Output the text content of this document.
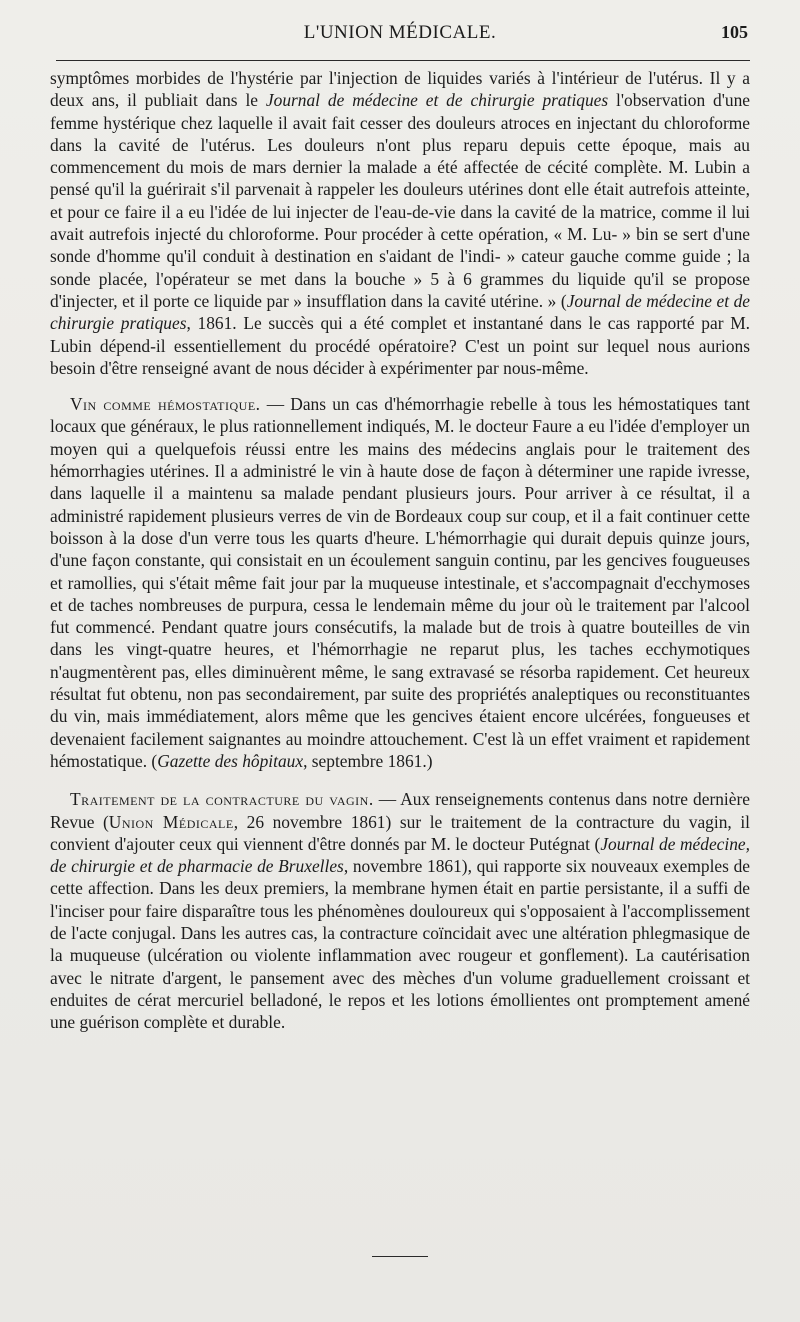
L'UNION MÉDICALE.	105

symptômes morbides de l'hystérie par l'injection de liquides variés à l'intérieur de l'utérus. Il y a deux ans, il publiait dans le Journal de médecine et de chirurgie pratiques l'observation d'une femme hystérique chez laquelle il avait fait cesser des douleurs atroces en injectant du chloroforme dans la cavité de l'utérus. Les douleurs n'ont plus reparu depuis cette époque, mais au commencement du mois de mars dernier la malade a été affectée de cécité complète. M. Lubin a pensé qu'il la guérirait s'il parvenait à rappeler les douleurs utérines dont elle était autrefois atteinte, et pour ce faire il a eu l'idée de lui injecter de l'eau-de-vie dans la cavité de la matrice, comme il lui avait autrefois injecté du chloroforme. Pour procéder à cette opération, « M. Lu- » bin se sert d'une sonde d'homme qu'il conduit à destination en s'aidant de l'indi- » cateur gauche comme guide ; la sonde placée, l'opérateur se met dans la bouche » 5 à 6 grammes du liquide qu'il se propose d'injecter, et il porte ce liquide par » insufflation dans la cavité utérine. » (Journal de médecine et de chirurgie pratiques, 1861. Le succès qui a été complet et instantané dans le cas rapporté par M. Lubin dépend-il essentiellement du procédé opératoire? C'est un point sur lequel nous aurions besoin d'être renseigné avant de nous décider à expérimenter par nous-même.

Vin comme hémostatique. — Dans un cas d'hémorrhagie rebelle à tous les hémostatiques tant locaux que généraux, le plus rationnellement indiqués, M. le docteur Faure a eu l'idée d'employer un moyen qui a quelquefois réussi entre les mains des médecins anglais pour le traitement des hémorrhagies utérines. Il a administré le vin à haute dose de façon à déterminer une rapide ivresse, dans laquelle il a maintenu sa malade pendant plusieurs jours. Pour arriver à ce résultat, il a administré rapidement plusieurs verres de vin de Bordeaux coup sur coup, et il a fait continuer cette boisson à la dose d'un verre tous les quarts d'heure. L'hémorrhagie qui durait depuis quinze jours, d'une façon constante, qui consistait en un écoulement sanguin continu, par les gencives fougueuses et ramollies, qui s'était même fait jour par la muqueuse intestinale, et s'accompagnait d'ecchymoses et de taches nombreuses de purpura, cessa le lendemain même du jour où le traitement par l'alcool fut commencé. Pendant quatre jours consécutifs, la malade but de trois à quatre bouteilles de vin dans les vingt-quatre heures, et l'hémorrhagie ne reparut plus, les taches ecchymotiques n'augmentèrent pas, elles diminuèrent même, le sang extravasé se résorba rapidement. Cet heureux résultat fut obtenu, non pas secondairement, par suite des propriétés analeptiques ou reconstituantes du vin, mais immédiatement, alors même que les gencives étaient encore ulcérées, fongueuses et devenaient facilement saignantes au moindre attouchement. C'est là un effet vraiment et rapidement hémostatique. (Gazette des hôpitaux, septembre 1861.)

Traitement de la contracture du vagin. — Aux renseignements contenus dans notre dernière Revue (Union Médicale, 26 novembre 1861) sur le traitement de la contracture du vagin, il convient d'ajouter ceux qui viennent d'être donnés par M. le docteur Putégnat (Journal de médecine, de chirurgie et de pharmacie de Bruxelles, novembre 1861), qui rapporte six nouveaux exemples de cette affection. Dans les deux premiers, la membrane hymen était en partie persistante, il a suffi de l'inciser pour faire disparaître tous les phénomènes douloureux qui s'opposaient à l'accomplissement de l'acte conjugal. Dans les autres cas, la contracture coïncidait avec une altération phlegmasique de la muqueuse (ulcération ou violente inflammation avec rougeur et gonflement). La cautérisation avec le nitrate d'argent, le pansement avec des mèches d'un volume graduellement croissant et enduites de cérat mercuriel belladoné, le repos et les lotions émollientes ont promptement amené une guérison complète et durable.
